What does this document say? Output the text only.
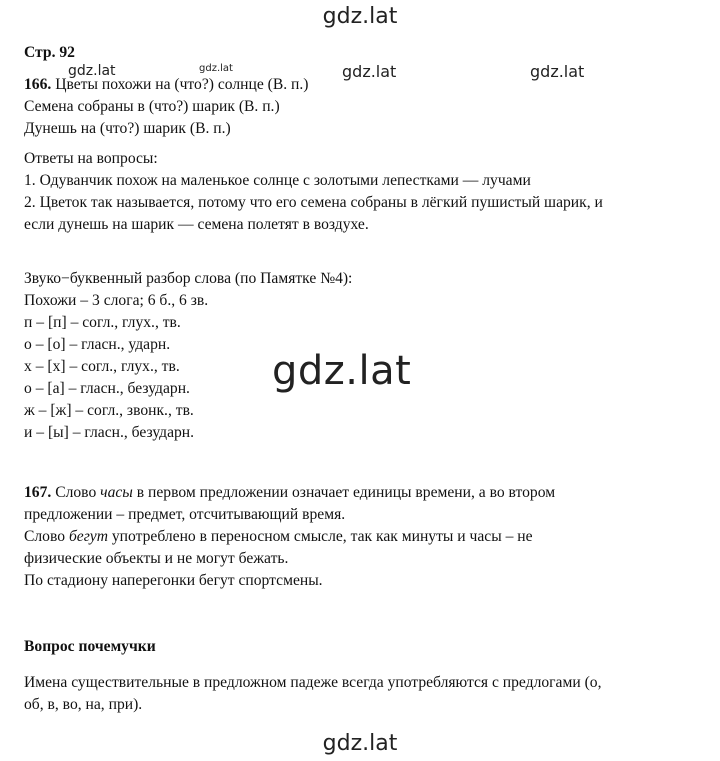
gdz.lat
gdz.lat	gdz.lat	gdz.lat	gdz.lat
gdz.lat
gdz.lat
Стр. 92
166. Цветы похожи на (что?) солнце (В. п.)
Семена собраны в (что?) шарик (В. п.)
Дунешь на (что?) шарик (В. п.)
Ответы на вопросы:
1. Одуванчик похож на маленькое солнце с золотыми лепестками — лучами
2. Цветок так называется, потому что его семена собраны в лёгкий пушистый шарик, и
если дунешь на шарик — семена полетят в воздухе.
Звуко−буквенный разбор слова (по Памятке №4):
Похожи – 3 слога; 6 б., 6 зв.
п – [п] – согл., глух., тв.
о – [о] – гласн., ударн.
х – [х] – согл., глух., тв.
о – [а] – гласн., безударн.
ж – [ж] – согл., звонк., тв.
и – [ы] – гласн., безударн.
167. Слово часы в первом предложении означает единицы времени, а во втором
предложении – предмет, отсчитывающий время.
Слово бегут употреблено в переносном смысле, так как минуты и часы – не
физические объекты и не могут бежать.
По стадиону наперегонки бегут спортсмены.
Вопрос почемучки
Имена существительные в предложном падеже всегда употребляются с предлогами (о,
об, в, во, на, при).
